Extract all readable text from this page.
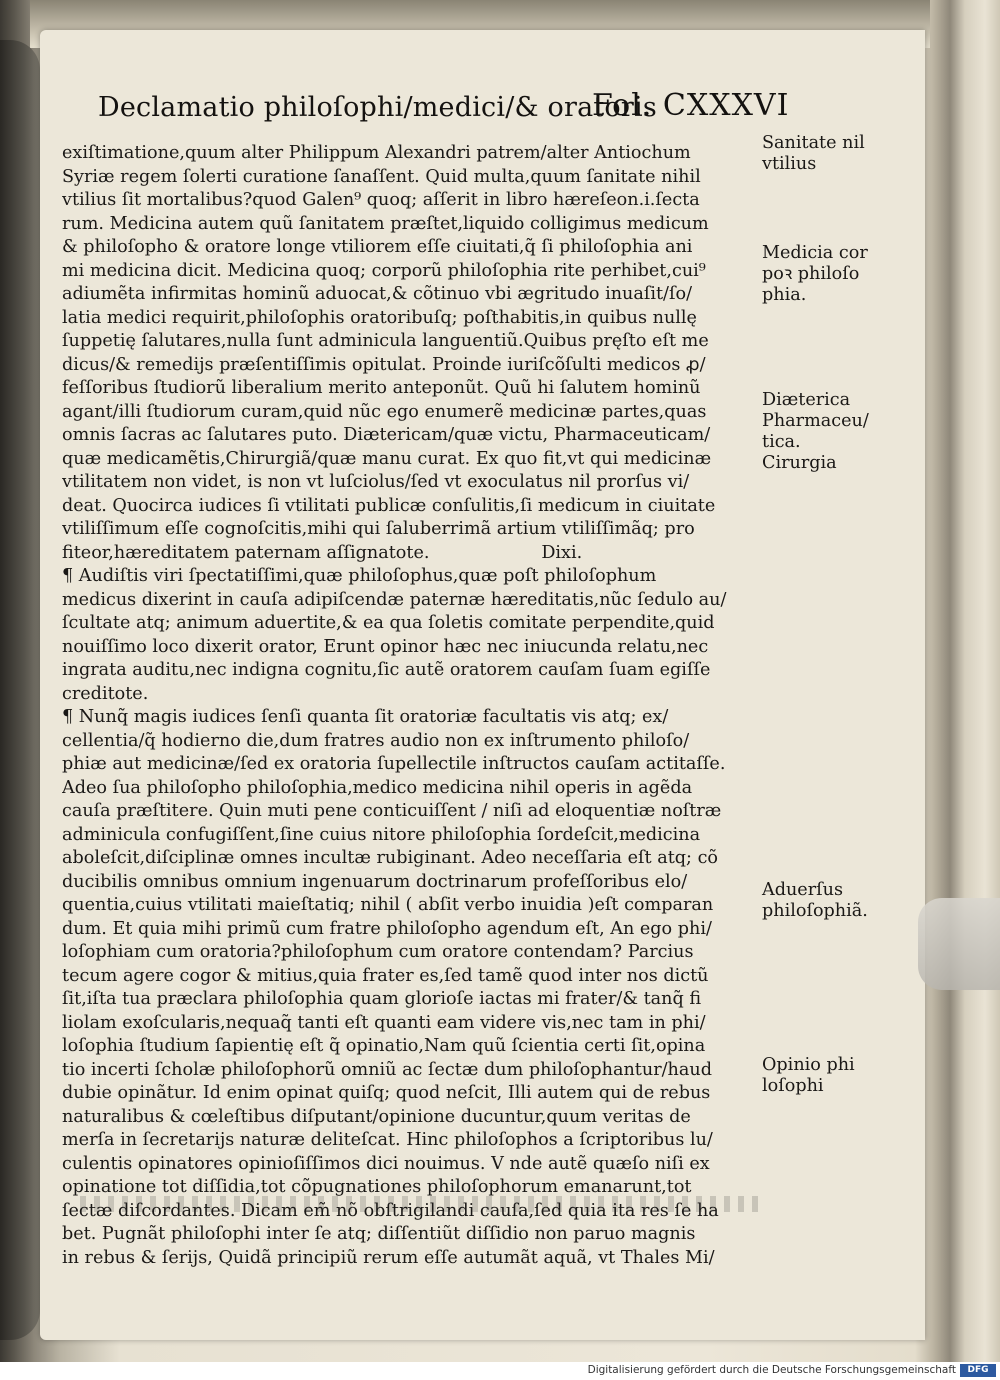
Declamatio philoſophi/medici/& oratoris
Fol. CXXXVI
exiſtimatione,quum alter Philippum Alexandri patrem/alter Antiochum
Syriæ regem ſolerti curatione ſanaſſent. Quid multa,quum ſanitate nihil
vtilius ſit mortalibus?quod Galen⁹ quoq; aſſerit in libro hæreſeon.i.ſecta
rum. Medicina autem quũ ſanitatem præſtet,liquido colligimus medicum
& philoſopho & oratore longe vtiliorem eſſe ciuitati,q̃ ſi philoſophia ani
mi medicina dicit. Medicina quoq; corporũ philoſophia rite perhibet,cui⁹
adiumẽta infirmitas hominũ aduocat,& cõtinuo vbi ægritudo inuaſit/ſo/
latia medici requirit,philoſophis oratoribuſq; poſthabitis,in quibus nullę
ſuppetię ſalutares,nulla ſunt adminicula languentiũ.Quibus pręſto eſt me
dicus/& remedijs præſentiſſimis opitulat. Proinde iuriſcõſulti medicos ꝓ/
feſſoribus ſtudiorũ liberalium merito anteponũt. Quũ hi ſalutem hominũ
agant/illi ſtudiorum curam,quid nũc ego enumerẽ medicinæ partes,quas
omnis ſacras ac ſalutares puto. Diætericam/quæ victu, Pharmaceuticam/
quæ medicamẽtis,Chirurgiã/quæ manu curat. Ex quo fit,vt qui medicinæ
vtilitatem non videt, is non vt luſciolus/ſed vt exoculatus nil prorſus vi/
deat. Quocirca iudices ſi vtilitati publicæ conſulitis,ſi medicum in ciuitate
vtiliſſimum eſſe cognoſcitis,mihi qui ſaluberrimã artium vtiliſſimãq; pro
fiteor,hæreditatem paternam aſſignatote.                    Dixi.
¶ Audiſtis viri ſpectatiſſimi,quæ philoſophus,quæ poſt philoſophum
medicus dixerint in cauſa adipiſcendæ paternæ hæreditatis,nũc ſedulo au/
ſcultate atq; animum aduertite,& ea qua ſoletis comitate perpendite,quid
nouiſſimo loco dixerit orator, Erunt opinor hæc nec iniucunda relatu,nec
ingrata auditu,nec indigna cognitu,ſic autẽ oratorem cauſam ſuam egiſſe
creditote.
¶ Nunq̃ magis iudices ſenſi quanta ſit oratoriæ facultatis vis atq; ex/
cellentia/q̃ hodierno die,dum fratres audio non ex inſtrumento philoſo/
phiæ aut medicinæ/ſed ex oratoria ſupellectile inſtructos cauſam actitaſſe.
Adeo ſua philoſopho philoſophia,medico medicina nihil operis in agẽda
cauſa præſtitere. Quin muti pene conticuiſſent / niſi ad eloquentiæ noſtræ
adminicula confugiſſent,ſine cuius nitore philoſophia ſordeſcit,medicina
aboleſcit,diſciplinæ omnes incultæ rubiginant. Adeo neceſſaria eſt atq; cõ
ducibilis omnibus omnium ingenuarum doctrinarum profeſſoribus elo/
quentia,cuius vtilitati maieſtatiq; nihil ( abſit verbo inuidia )eſt comparan
dum. Et quia mihi primũ cum fratre philoſopho agendum eſt, An ego phi/
loſophiam cum oratoria?philoſophum cum oratore contendam? Parcius
tecum agere cogor & mitius,quia frater es,ſed tamẽ quod inter nos dictũ
ſit,iſta tua præclara philoſophia quam glorioſe iactas mi frater/& tanq̃ fi
liolam exoſcularis,nequaq̃ tanti eſt quanti eam videre vis,nec tam in phi/
loſophia ſtudium ſapientię eſt q̃ opinatio,Nam quũ ſcientia certi ſit,opina
tio incerti ſcholæ philoſophorũ omniũ ac ſectæ dum philoſophantur/haud
dubie opinãtur. Id enim opinat quiſq; quod neſcit, Illi autem qui de rebus
naturalibus & cœleſtibus diſputant/opinione ducuntur,quum veritas de
merſa in ſecretarijs naturæ deliteſcat. Hinc philoſophos a ſcriptoribus lu/
culentis opinatores opinioſiſſimos dici nouimus. V nde autẽ quæſo niſi ex
opinatione tot diſſidia,tot cõpugnationes philoſophorum emanarunt,tot
ſectæ diſcordantes. Dicam em̃ nõ obſtrigilandi cauſa,ſed quia ita res ſe ha
bet. Pugnãt philoſophi inter ſe atq; diſſentiũt diſſidio non paruo magnis
in rebus & ſerijs, Quidã principiũ rerum eſſe autumãt aquã, vt Thales Mi/
Sanitate nil
vtilius
Medicia cor
poꝛ philoſo
phia.
Diæterica
Pharmaceu/
tica.
Cirurgia
Aduerſus
philoſophiã.
Opinio phi
loſophi
Digitalisierung gefördert durch die Deutsche Forschungsgemeinschaft	DFG
